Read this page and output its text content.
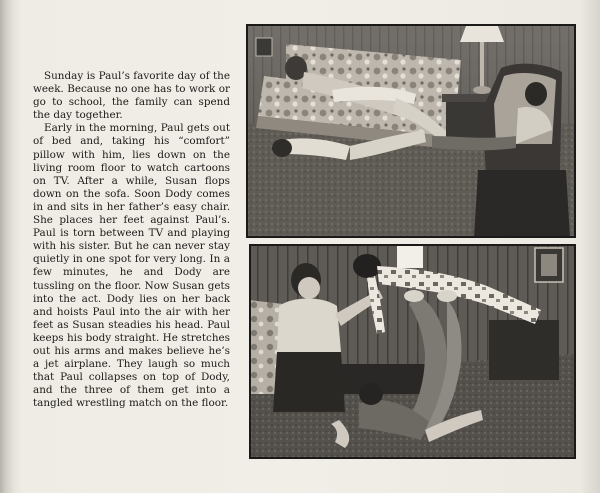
Sunday is Paul’s favorite day of the week. Because no one has to work or go to school, the family can spend the day together.

Early in the morning, Paul gets out of bed and, taking his “comfort” pillow with him, lies down on the living room floor to watch cartoons on TV. After a while, Susan flops down on the sofa. Soon Dody comes in and sits in her father’s easy chair. She places her feet against Paul’s. Paul is torn between TV and playing with his sister. But he can never stay quietly in one spot for very long. In a few minutes, he and Dody are tussling on the floor. Now Susan gets into the act. Dody lies on her back and hoists Paul into the air with her feet as Susan steadies his head. Paul keeps his body straight. He stretches out his arms and makes believe he’s a jet airplane. They laugh so much that Paul collapses on top of Dody, and the three of them get into a tangled wrestling match on the floor.
